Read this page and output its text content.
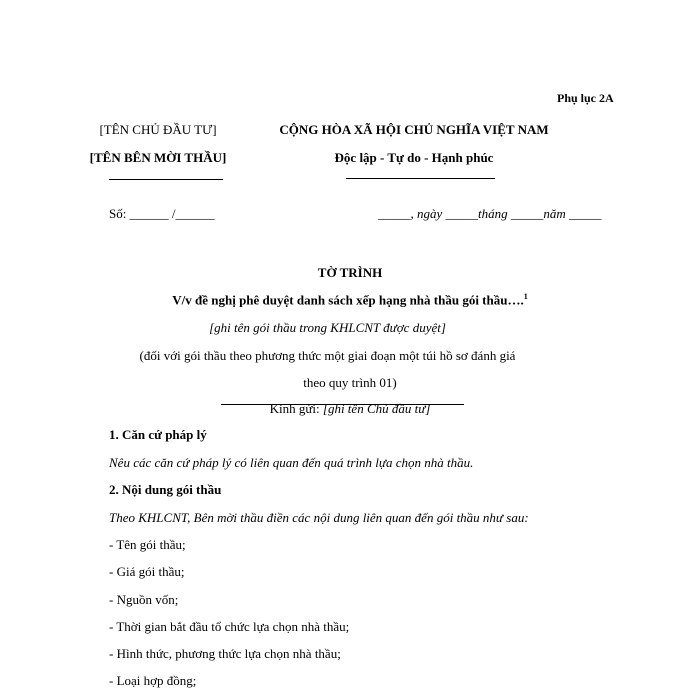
Phụ lục 2A
[TÊN CHỦ ĐẦU TƯ]
[TÊN BÊN MỜI THẦU]
CỘNG HÒA XÃ HỘI CHỦ NGHĨA VIỆT NAM
Độc lập - Tự do - Hạnh phúc
Số: ______ /______	_____, ngày _____tháng _____năm _____
TỜ TRÌNH
V/v đề nghị phê duyệt danh sách xếp hạng nhà thầu gói thầu….$^1$
[ghi tên gói thầu trong KHLCNT được duyệt]
(đối với gói thầu theo phương thức một giai đoạn một túi hồ sơ đánh giá
theo quy trình 01)
Kính gửi: [ghi tên Chủ đầu tư]
1. Căn cứ pháp lý
Nêu các căn cứ pháp lý có liên quan đến quá trình lựa chọn nhà thầu.
2. Nội dung gói thầu
Theo KHLCNT, Bên mời thầu điền các nội dung liên quan đến gói thầu như sau:
- Tên gói thầu;
- Giá gói thầu;
- Nguồn vốn;
- Thời gian bắt đầu tổ chức lựa chọn nhà thầu;
- Hình thức, phương thức lựa chọn nhà thầu;
- Loại hợp đồng;
